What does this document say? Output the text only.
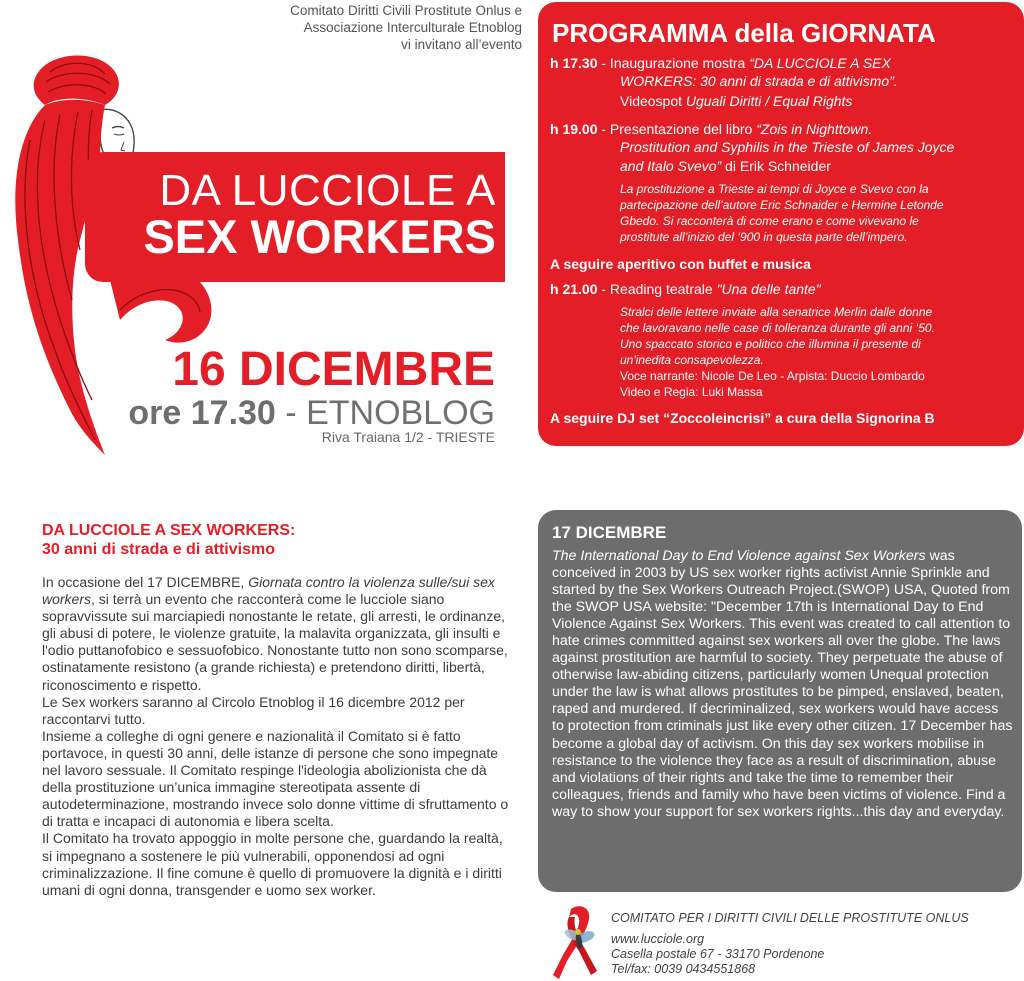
Comitato Diritti Civili Prostitute Onlus e
Associazione Interculturale Etnoblog
vi invitano all’evento
DA LUCCIOLE A
SEX WORKERS
16 DICEMBRE
ore 17.30 - ETNOBLOG
Riva Traiana 1/2 - TRIESTE
PROGRAMMA della GIORNATA
h 17.30 - Inaugurazione mostra “DA LUCCIOLE A SEX
WORKERS: 30 anni di strada e di attivismo”.
Videospot Uguali Diritti / Equal Rights
h 19.00 - Presentazione del libro “Zois in Nighttown.
Prostitution and Syphilis in the Trieste of James Joyce
and Italo Svevo” di Erik Schneider
La prostituzione a Trieste ai tempi di Joyce e Svevo con la
partecipazione dell’autore Eric Schnaider e Hermine Letonde
Gbedo. Si racconterà di come erano e come vivevano le
prostitute all’inizio del ‘900 in questa parte dell’impero.
A seguire aperitivo con buffet e musica
h 21.00 - Reading teatrale "Una delle tante"
Stralci delle lettere inviate alla senatrice Merlin dalle donne
che lavoravano nelle case di tolleranza durante gli anni ‘50.
Uno spaccato storico e politico che illumina il presente di
un'inedita consapevolezza.
Voce narrante: Nicole De Leo - Arpista: Duccio Lombardo
Video e Regia: Luki Massa
A seguire DJ set “Zoccoleincrisi” a cura della Signorina B
DA LUCCIOLE A SEX WORKERS:
30 anni di strada e di attivismo

In occasione del 17 DICEMBRE, Giornata contro la violenza sulle/sui sex workers, si terrà un evento che racconterà come le lucciole siano sopravvissute sui marciapiedi nonostante le retate, gli arresti, le ordinanze, gli abusi di potere, le violenze gratuite, la malavita organizzata, gli insulti e l'odio puttanofobico e sessuofobico. Nonostante tutto non sono scomparse, ostinatamente resistono (a grande richiesta) e pretendono diritti, libertà, riconoscimento e rispetto.

Le Sex workers saranno al Circolo Etnoblog il 16 dicembre 2012 per raccontarvi tutto.

Insieme a colleghe di ogni genere e nazionalità il Comitato si è fatto portavoce, in questi 30 anni, delle istanze di persone che sono impegnate nel lavoro sessuale. Il Comitato respinge l'ideologia abolizionista che dà della prostituzione un’unica immagine stereotipata assente di autodeterminazione, mostrando invece solo donne vittime di sfruttamento o di tratta e incapaci di autonomia e libera scelta.

Il Comitato ha trovato appoggio in molte persone che, guardando la realtà, si impegnano a sostenere le più vulnerabili, opponendosi ad ogni criminalizzazione. Il fine comune è quello di promuovere la dignità e i diritti umani di ogni donna, transgender e uomo sex worker.

17 DICEMBRE
The International Day to End Violence against Sex Workers was conceived in 2003 by US sex worker rights activist Annie Sprinkle and started by the Sex Workers Outreach Project.(SWOP) USA, Quoted from the SWOP USA website: "December 17th is International Day to End Violence Against Sex Workers. This event was created to call attention to hate crimes committed against sex workers all over the globe. The laws against prostitution are harmful to society. They perpetuate the abuse of otherwise law-abiding citizens, particularly women Unequal protection under the law is what allows prostitutes to be pimped, enslaved, beaten, raped and murdered. If decriminalized, sex workers would have access to protection from criminals just like every other citizen. 17 December has become a global day of activism. On this day sex workers mobilise in resistance to the violence they face as a result of discrimination, abuse and violations of their rights and take the time to remember their colleagues, friends and family who have been victims of violence. Find a way to show your support for sex workers rights...this day and everyday.
COMITATO PER I DIRITTI CIVILI DELLE PROSTITUTE ONLUS
www.lucciole.org
Casella postale 67 - 33170 Pordenone
Tel/fax: 0039 0434551868
